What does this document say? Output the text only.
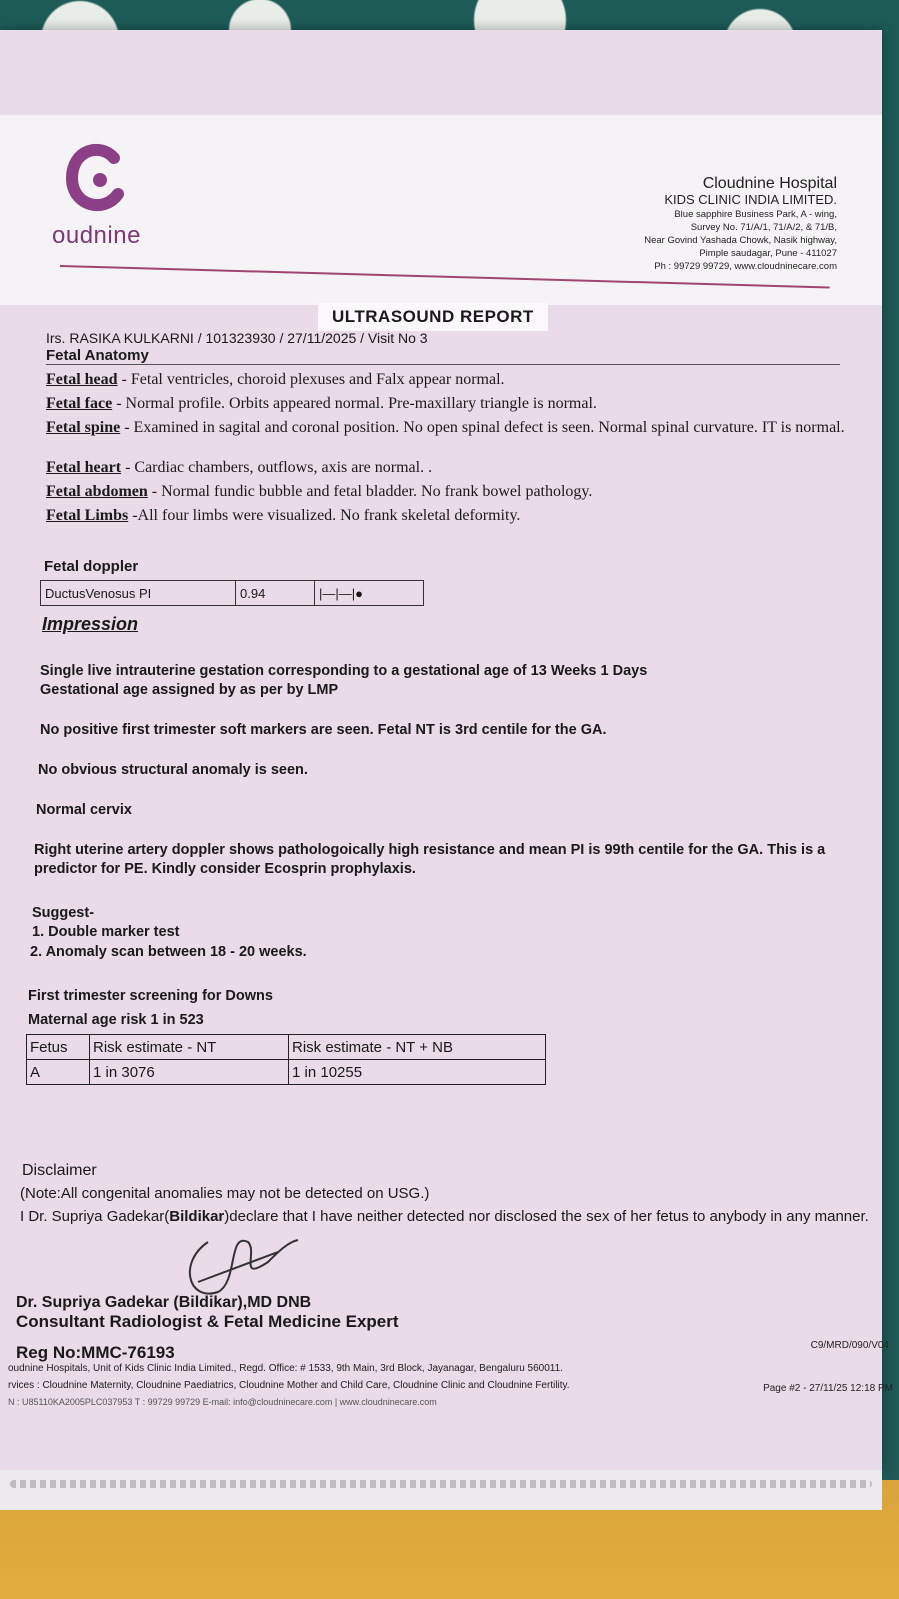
oudnine
Cloudnine Hospital
KIDS CLINIC INDIA LIMITED.
Blue sapphire Business Park, A - wing,
Survey No. 71/A/1, 71/A/2, & 71/B,
Near Govind Yashada Chowk, Nasik highway,
Pimple saudagar, Pune - 411027
Ph : 99729 99729, www.cloudninecare.com
ULTRASOUND REPORT
Irs. RASIKA KULKARNI / 101323930 / 27/11/2025 / Visit No 3
Fetal Anatomy
Fetal head - Fetal ventricles, choroid plexuses and Falx appear normal.
Fetal face - Normal profile. Orbits appeared normal. Pre-maxillary triangle is normal.
Fetal spine - Examined in sagital and coronal position. No open spinal defect is seen. Normal spinal curvature. IT is normal.
Fetal heart - Cardiac chambers, outflows, axis are normal. .
Fetal abdomen - Normal fundic bubble and fetal bladder. No frank bowel pathology.
Fetal Limbs -All four limbs were visualized. No frank skeletal deformity.
Fetal doppler
DuctusVenosus PI	0.94	|—|—|●
Impression
Single live intrauterine gestation corresponding to a gestational age of 13 Weeks 1 Days
Gestational age assigned by as per by LMP
No positive first trimester soft markers are seen. Fetal NT is 3rd centile for the GA.
No obvious structural anomaly is seen.
Normal cervix
Right uterine artery doppler shows pathologoically high resistance and mean PI is 99th centile for the GA. This is a predictor for PE. Kindly consider Ecosprin prophylaxis.
Suggest-
1. Double marker test
2. Anomaly scan between 18 - 20 weeks.
First trimester screening for Downs
Maternal age risk 1 in 523
Fetus	Risk estimate - NT	Risk estimate - NT + NB
A	1 in 3076	1 in 10255
Disclaimer
(Note:All congenital anomalies may not be detected on USG.)
I Dr. Supriya Gadekar(Bildikar)declare that I have neither detected nor disclosed the sex of her fetus to anybody in any manner.
Dr. Supriya Gadekar (Bildikar),MD DNB
Consultant Radiologist & Fetal Medicine Expert
Reg No:MMC-76193	C9/MRD/090/V04
oudnine Hospitals, Unit of Kids Clinic India Limited., Regd. Office: # 1533, 9th Main, 3rd Block, Jayanagar, Bengaluru 560011.
rvices : Cloudnine Maternity, Cloudnine Paediatrics, Cloudnine Mother and Child Care, Cloudnine Clinic and Cloudnine Fertility.
N : U85110KA2005PLC037953 T : 99729 99729 E-mail: info@cloudninecare.com | www.cloudninecare.com
Page #2 - 27/11/25 12:18 PM
